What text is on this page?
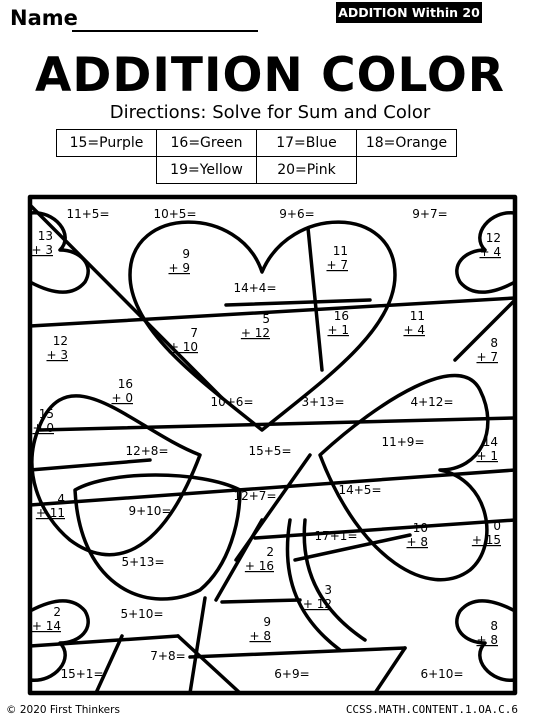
Name	ADDITION Within 20
ADDITION COLOR
Directions: Solve for Sum and Color
15=Purple	16=Green	17=Blue	18=Orange
	19=Yellow	20=Pink	
11+5=	10+5=	9+6=	9+7=
13
+ 3	9
+ 9
11
+ 7
12
+ 4
14+4=
5
+ 12
16
+ 1
11
+ 4
12
+ 3
7
+ 10	8
+ 7
16
+ 0	10+6=	3+13=	4+12=
15
+ 0
11+9=	14
+ 1
12+8=	15+5=
4
+ 11
12+7=	14+5=
9+10=
10
+ 8
0
+ 15
17+1=
2
+ 16
5+13=
3
+ 12
2
+ 14
5+10=
9
+ 8
8
+ 8
7+8=
15+1=	6+9=	6+10=
© 2020 First Thinkers	CCSS.MATH.CONTENT.1.OA.C.6
